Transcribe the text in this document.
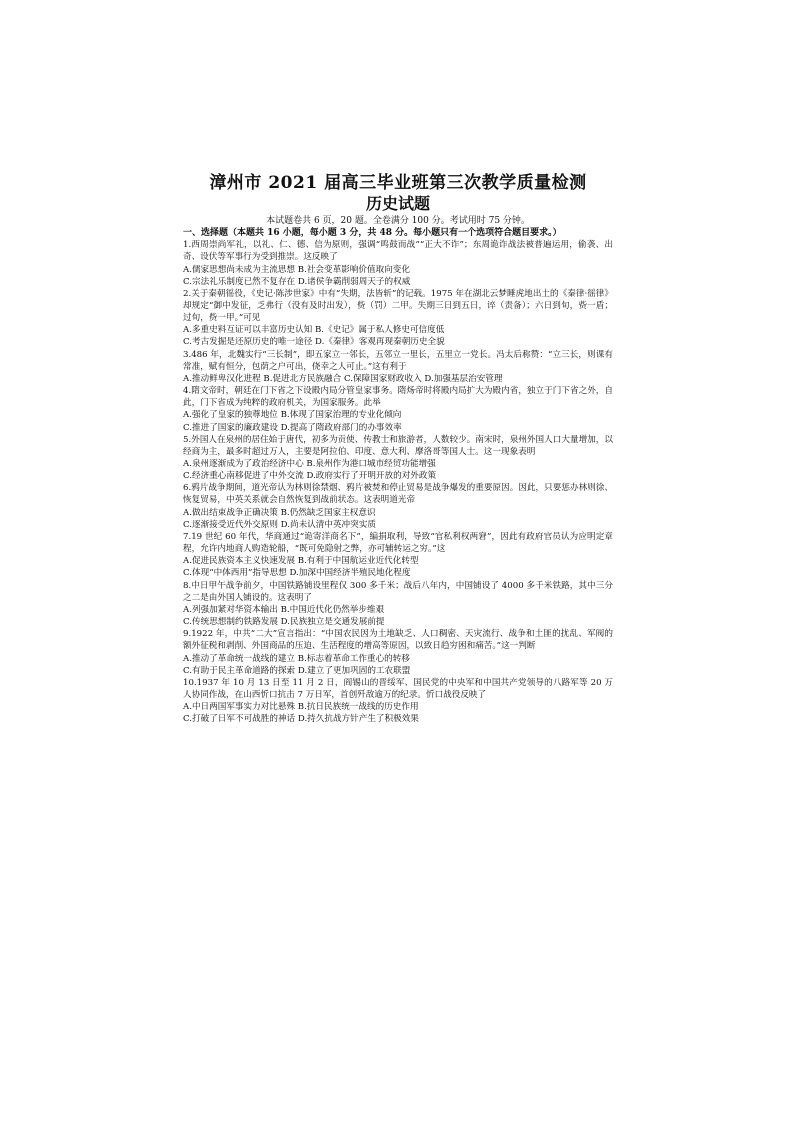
漳州市 2021 届高三毕业班第三次教学质量检测

历史试题

本试题卷共 6 页，20 题。全卷满分 100 分。考试用时 75 分钟。

一、选择题（本题共 16 小题，每小题 3 分，共 48 分。每小题只有一个选项符合题目要求。）

1.西周崇尚军礼，以礼、仁、德、信为原则，强调“鸣鼓而战”“正大不诈”；东周诡诈战法被普遍运用，偷袭、出奇、设伏等军事行为受到推崇。这反映了

A.儒家思想尚未成为主流思想 B.社会变革影响价值取向变化

C.宗法礼乐制度已然不复存在 D.诸侯争霸削弱周天子的权威

2.关于秦朝徭役，《史记·陈涉世家》中有“失期，法皆斩”的记载。1975 年在湖北云梦睡虎地出土的《秦律·徭律》却规定“御中发征，乏弗行（没有及时出发），赀（罚）二甲。失期三日到五日，谇（责备）；六日到旬，赀一盾；过旬，赀一甲。”可见

A.多重史料互证可以丰富历史认知 B.《史记》属于私人修史可信度低

C.考古发掘是还原历史的唯一途径 D.《秦律》客观再现秦朝历史全貌

3.486 年，北魏实行“三长制”，即五家立一邻长，五邻立一里长，五里立一党长。冯太后称赞：“立三长，则课有常准，赋有恒分，包荫之户可出，侥幸之人可止。”这有利于

A.推动鲜卑汉化进程 B.促进北方民族融合 C.保障国家财政收入 D.加强基层治安管理

4.隋文帝时，朝廷在门下省之下设殿内局分管皇家事务。隋炀帝时将殿内局扩大为殿内省，独立于门下省之外，自此，门下省成为纯粹的政府机关，为国家服务。此举

A.强化了皇家的独尊地位 B.体现了国家治理的专业化倾向

C.推进了国家的廉政建设 D.提高了隋政府部门的办事效率

5.外国人在泉州的居住始于唐代，初多为贡使、传教士和旅游者，人数较少。南宋时，泉州外国人口大量增加，以经商为主，最多时超过万人，主要是阿拉伯、印度、意大利、摩洛哥等国人士。这一现象表明

A.泉州逐渐成为了政治经济中心 B.泉州作为港口城市经贸功能增强

C.经济重心南移促进了中外交流 D.政府实行了开明开放的对外政策

6.鸦片战争期间，道光帝认为林则徐禁烟、鸦片被焚和停止贸易是战争爆发的重要原因。因此，只要惩办林则徐、恢复贸易，中英关系就会自然恢复到战前状态。这表明道光帝

A.做出结束战争正确决策 B.仍然缺乏国家主权意识

C.逐渐接受近代外交原则 D.尚未认清中英冲突实质

7.19 世纪 60 年代，华商通过“诡寄洋商名下”，编捐取利，导致“官私利权两窘”，因此有政府官员认为应明定章程，允许内地商人购造轮船，“既可免隐射之弊，亦可辅转运之穷。”这

A.促进民族资本主义快速发展 B.有利于中国航运业近代化转型

C.体现“中体西用”指导思想 D.加深中国经济半殖民地化程度

8.中日甲午战争前夕，中国铁路铺设里程仅 300 多千米；战后八年内，中国铺设了 4000 多千米铁路，其中三分之二是由外国人铺设的。这表明了

A.列强加紧对华资本输出 B.中国近代化仍然举步维艰

C.传统思想制约铁路发展 D.民族独立是交通发展前提

9.1922 年，中共“二大”宣言指出：“中国农民因为土地缺乏、人口稠密、天灾流行、战争和土匪的扰乱、军阀的额外征税和剥削、外国商品的压迫、生活程度的增高等原因，以致日趋穷困和痛苦。”这一判断

A.推动了革命统一战线的建立 B.标志着革命工作重心的转移

C.有助于民主革命道路的探索 D.建立了更加巩固的工农联盟

10.1937 年 10 月 13 日至 11 月 2 日，阎锡山的晋绥军、国民党的中央军和中国共产党领导的八路军等 20 万人协同作战，在山西忻口抗击 7 万日军，首创歼敌逾万的纪录。忻口战役反映了

A.中日两国军事实力对比悬殊 B.抗日民族统一战线的历史作用

C.打破了日军不可战胜的神话 D.持久抗战方针产生了积极效果
